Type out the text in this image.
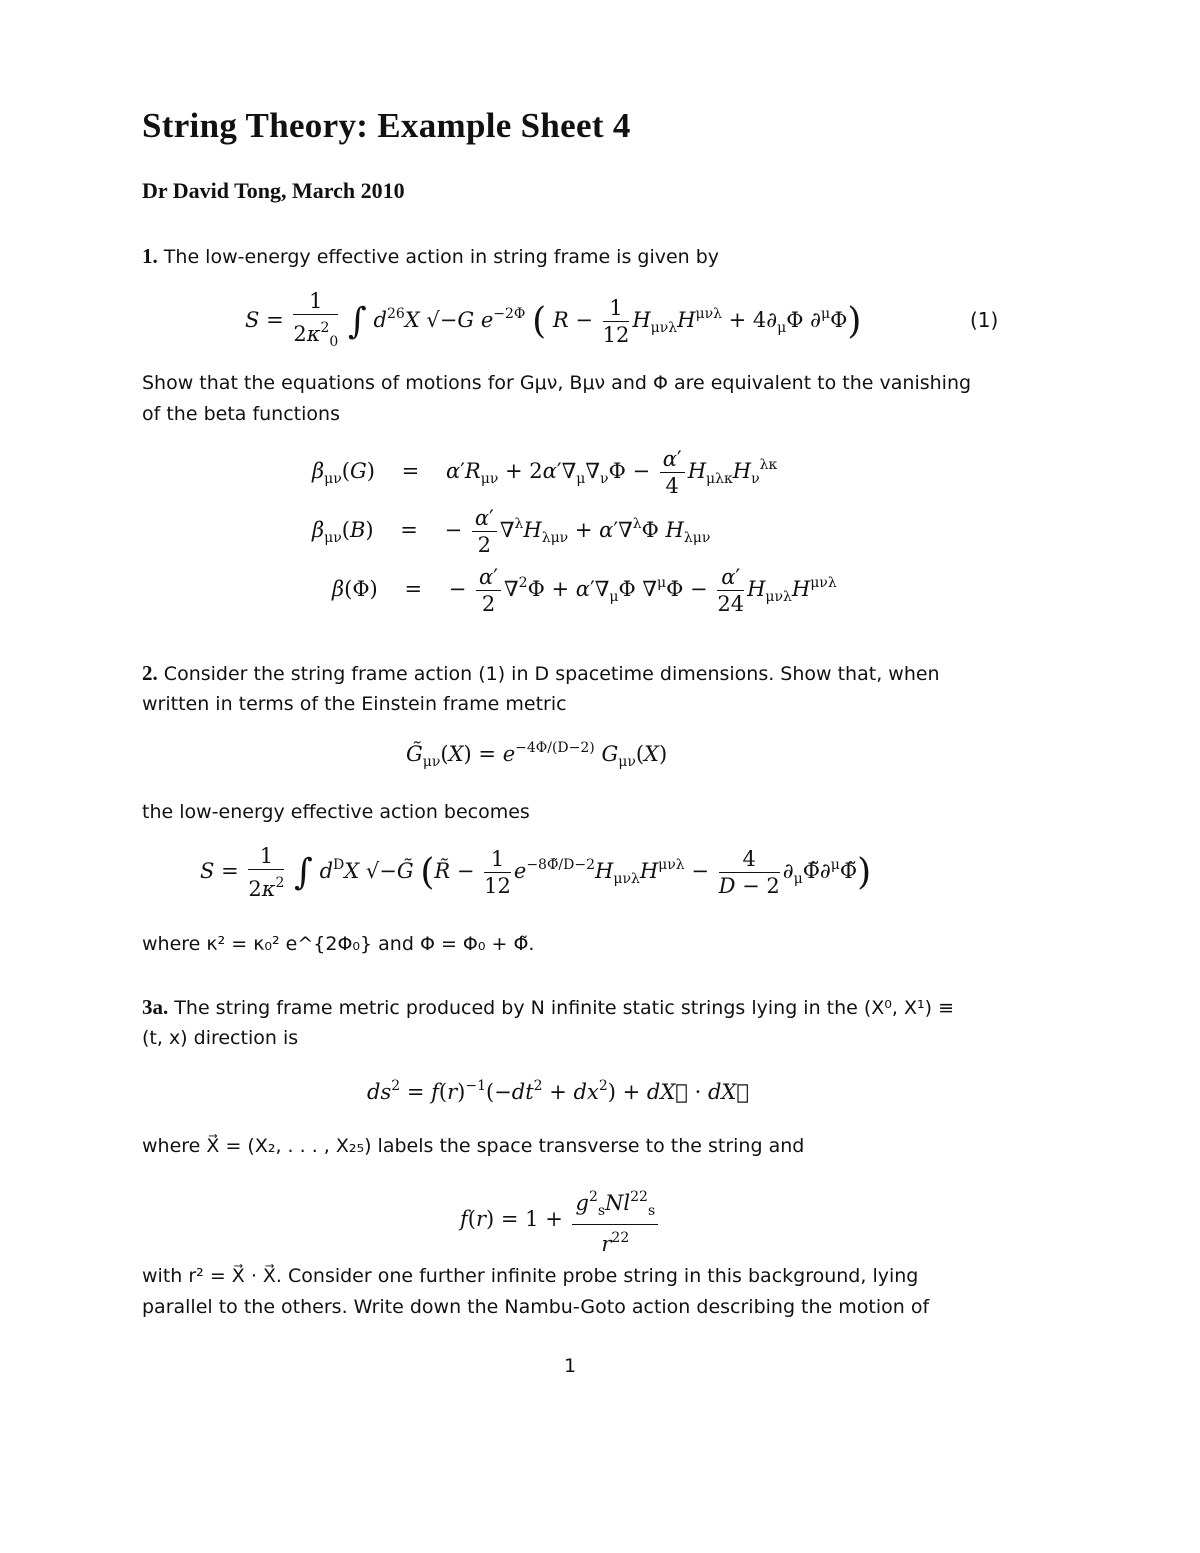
String Theory: Example Sheet 4
Dr David Tong, March 2010
1. The low-energy effective action in string frame is given by
$S = \frac{1}{2\kappa^2_0}$ ∫ $d^{26}X$ √−G $e^{-2\Phi}$ ( $R - \frac{1}{12} H_{\mu\nu\lambda}H^{\mu\nu\lambda} + 4\partial_\mu\Phi$ ∂$^\mu$Φ)	(1)
Show that the equations of motions for Gμν, Bμν and Φ are equivalent to the vanishing
of the beta functions
$\beta_{\mu\nu}(G)$    =    $\alpha'R_{\mu\nu} + 2\alpha'\nabla_\mu\nabla_\nu\Phi - \frac{\alpha'}{4} H_{\mu\lambda\kappa}H_\nu^{\lambda\kappa}$
$\beta_{\mu\nu}(B)$    =    − $\frac{\alpha'}{2} \nabla^\lambda H_{\lambda\mu\nu} + \alpha'\nabla^\lambda\Phi$ $H_{\lambda\mu\nu}$
β(Φ)    =    − $\frac{\alpha'}{2} \nabla^2\Phi + \alpha'\nabla_\mu\Phi$ $\nabla^\mu\Phi - \frac{\alpha'}{24} H_{\mu\nu\lambda}H^{\mu\nu\lambda}$
2. Consider the string frame action (1) in D spacetime dimensions. Show that, when
written in terms of the Einstein frame metric
$G̃_{\mu\nu}(X) = e^{-4\Phi/(D-2)}$ $G_{\mu\nu}(X)$
the low-energy effective action becomes
$S = \frac{1}{2\kappa^2}$ ∫ $d^DX$ √−G̃ (R̃ − $\frac{1}{12} e^{-8\Phĩ/D-2}H_{\mu\nu\lambda}H^{\mu\nu\lambda} - \frac{4}{D - 2}$ $\partial_\mu\Phĩ\partial^\mu\Phĩ$)
where κ² = κ₀² e^{2Φ₀} and Φ = Φ₀ + Φ̃.
3a. The string frame metric produced by N infinite static strings lying in the (X⁰, X¹) ≡
(t, x) direction is
$ds^2 = f(r)^{-1}(-dt^2 + dx^2)$ + dX⃗ · dX⃗
where X⃗ = (X₂, . . . , X₂₅) labels the space transverse to the string and
$f(r) = 1 + \frac{g^2_sNl^{22}_s}{r^{22}}$
with r² = X⃗ · X⃗. Consider one further infinite probe string in this background, lying
parallel to the others. Write down the Nambu-Goto action describing the motion of
1
